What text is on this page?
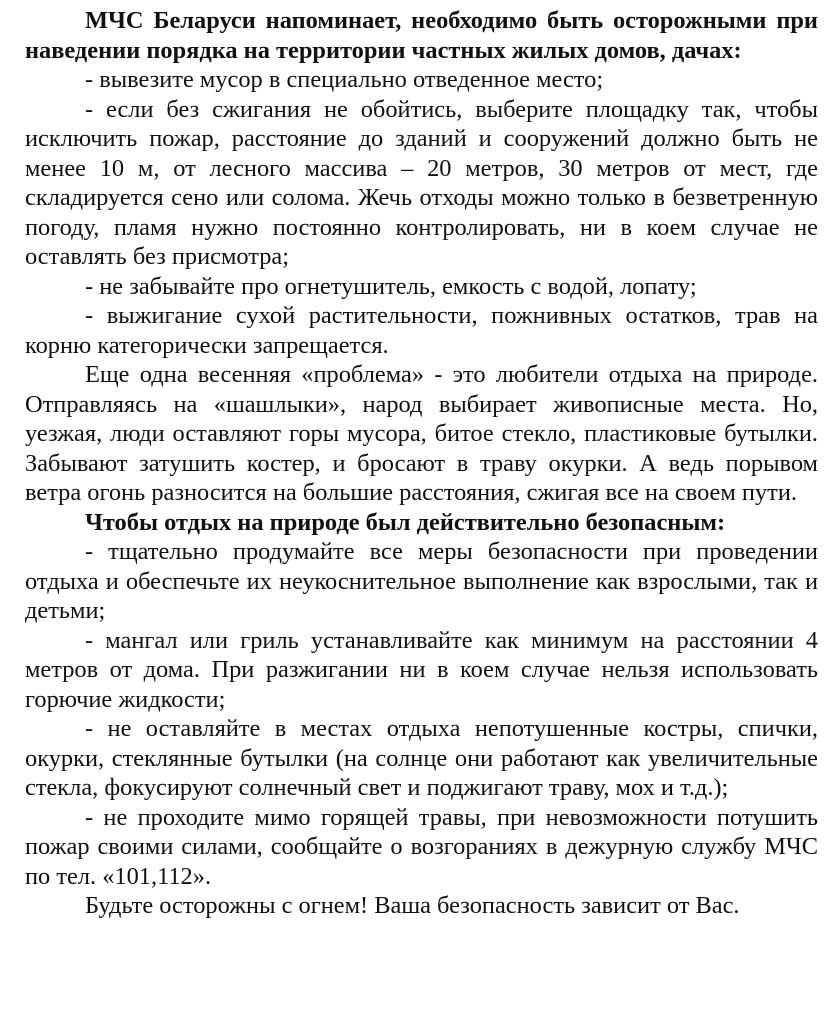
МЧС Беларуси напоминает, необходимо быть осторожными при наведении порядка на территории частных жилых домов, дачах:

- вывезите мусор в специально отведенное место;

- если без сжигания не обойтись, выберите площадку так, чтобы исключить пожар, расстояние до зданий и сооружений должно быть не менее 10 м, от лесного массива – 20 метров, 30 метров от мест, где складируется сено или солома. Жечь отходы можно только в безветренную погоду, пламя нужно постоянно контролировать, ни в коем случае не оставлять без присмотра;

- не забывайте про огнетушитель, емкость с водой, лопату;

- выжигание сухой растительности, пожнивных остатков, трав на корню категорически запрещается.

Еще одна весенняя «проблема» - это любители отдыха на природе. Отправляясь на «шашлыки», народ выбирает живописные места. Но, уезжая, люди оставляют горы мусора, битое стекло, пластиковые бутылки. Забывают затушить костер, и бросают в траву окурки. А ведь порывом ветра огонь разносится на большие расстояния, сжигая все на своем пути.

Чтобы отдых на природе был действительно безопасным:

- тщательно продумайте все меры безопасности при проведении отдыха и обеспечьте их неукоснительное выполнение как взрослыми, так и детьми;

- мангал или гриль устанавливайте как минимум на расстоянии 4 метров от дома. При разжигании ни в коем случае нельзя использовать горючие жидкости;

- не оставляйте в местах отдыха непотушенные костры, спички, окурки, стеклянные бутылки (на солнце они работают как увеличительные стекла, фокусируют солнечный свет и поджигают траву, мох и т.д.);

- не проходите мимо горящей травы, при невозможности потушить пожар своими силами, сообщайте о возгораниях в дежурную службу МЧС по тел. «101,112».

Будьте осторожны с огнем! Ваша безопасность зависит от Вас.
